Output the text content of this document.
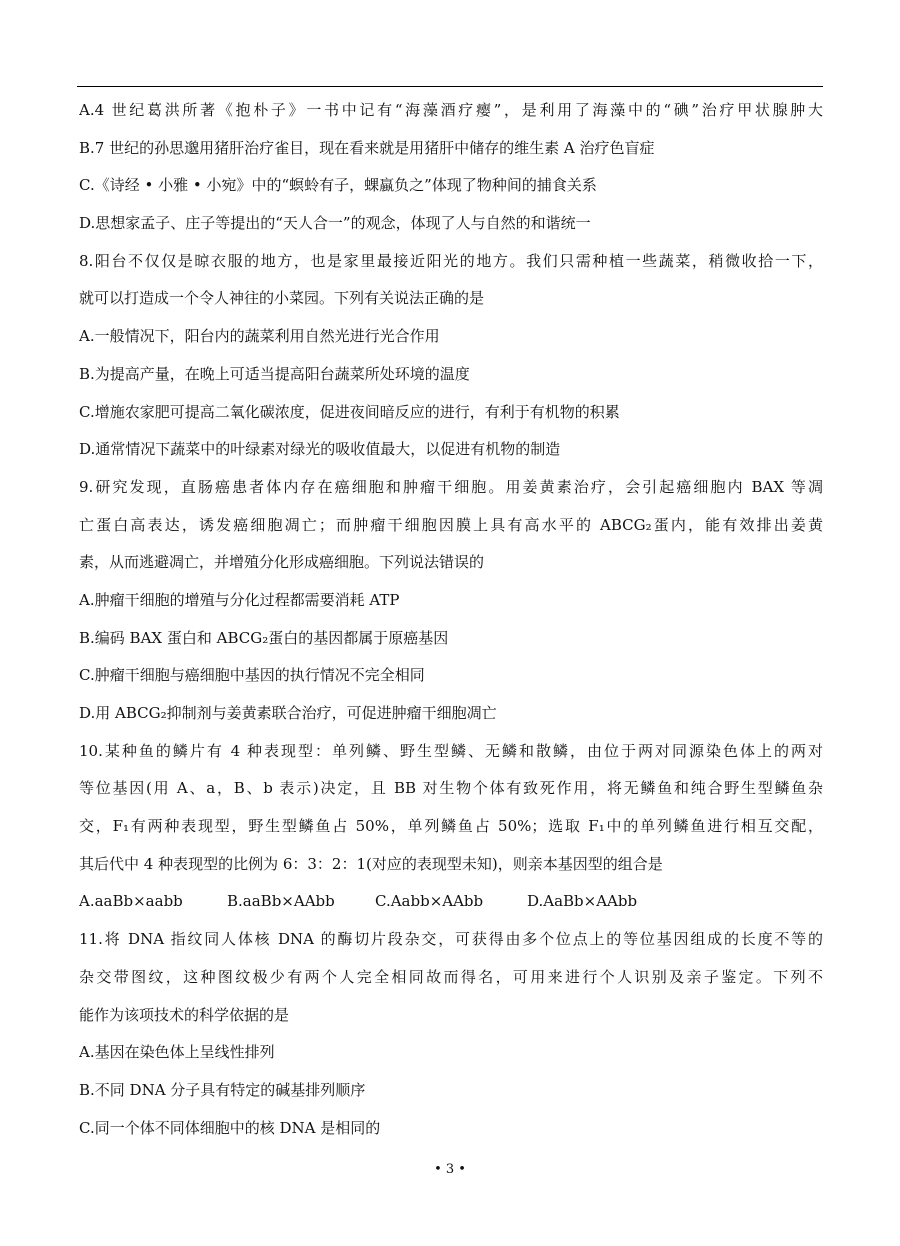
A.4 世纪葛洪所著《抱朴子》一书中记有“海藻酒疗瘿”，是利用了海藻中的“碘”治疗甲状腺肿大
B.7 世纪的孙思邈用猪肝治疗雀目，现在看来就是用猪肝中储存的维生素 A 治疗色盲症
C.《诗经 • 小雅 • 小宛》中的“螟蛉有子，蜾蠃负之”体现了物种间的捕食关系
D.思想家孟子、庄子等提出的“天人合一”的观念，体现了人与自然的和谐统一
8.阳台不仅仅是晾衣服的地方，也是家里最接近阳光的地方。我们只需种植一些蔬菜，稍微收拾一下，
就可以打造成一个令人神往的小菜园。下列有关说法正确的是
A.一般情况下，阳台内的蔬菜利用自然光进行光合作用
B.为提高产量，在晚上可适当提高阳台蔬菜所处环境的温度
C.增施农家肥可提高二氧化碳浓度，促进夜间暗反应的进行，有利于有机物的积累
D.通常情况下蔬菜中的叶绿素对绿光的吸收值最大，以促进有机物的制造
9.研究发现，直肠癌患者体内存在癌细胞和肿瘤干细胞。用姜黄素治疗，会引起癌细胞内 BAX 等凋
亡蛋白高表达，诱发癌细胞凋亡；而肿瘤干细胞因膜上具有高水平的 ABCG₂蛋内，能有效排出姜黄
素，从而逃避凋亡，并增殖分化形成癌细胞。下列说法错误的
A.肿瘤干细胞的增殖与分化过程都需要消耗 ATP
B.编码 BAX 蛋白和 ABCG₂蛋白的基因都属于原癌基因
C.肿瘤干细胞与癌细胞中基因的执行情况不完全相同
D.用 ABCG₂抑制剂与姜黄素联合治疗，可促进肿瘤干细胞凋亡
10.某种鱼的鳞片有 4 种表现型：单列鳞、野生型鳞、无鳞和散鳞，由位于两对同源染色体上的两对
等位基因(用 A、a，B、b 表示)决定，且 BB 对生物个体有致死作用，将无鳞鱼和纯合野生型鳞鱼杂
交，F₁有两种表现型，野生型鳞鱼占 50%，单列鳞鱼占 50%；选取 F₁中的单列鳞鱼进行相互交配，
其后代中 4 种表现型的比例为 6：3：2：1(对应的表现型未知)，则亲本基因型的组合是
A.aaBb×aabb	B.aaBb×AAbb	C.Aabb×AAbb	D.AaBb×AAbb
11.将 DNA 指纹同人体核 DNA 的酶切片段杂交，可获得由多个位点上的等位基因组成的长度不等的
杂交带图纹，这种图纹极少有两个人完全相同故而得名，可用来进行个人识别及亲子鉴定。下列不
能作为该项技术的科学依据的是
A.基因在染色体上呈线性排列
B.不同 DNA 分子具有特定的碱基排列顺序
C.同一个体不同体细胞中的核 DNA 是相同的
• 3 •
